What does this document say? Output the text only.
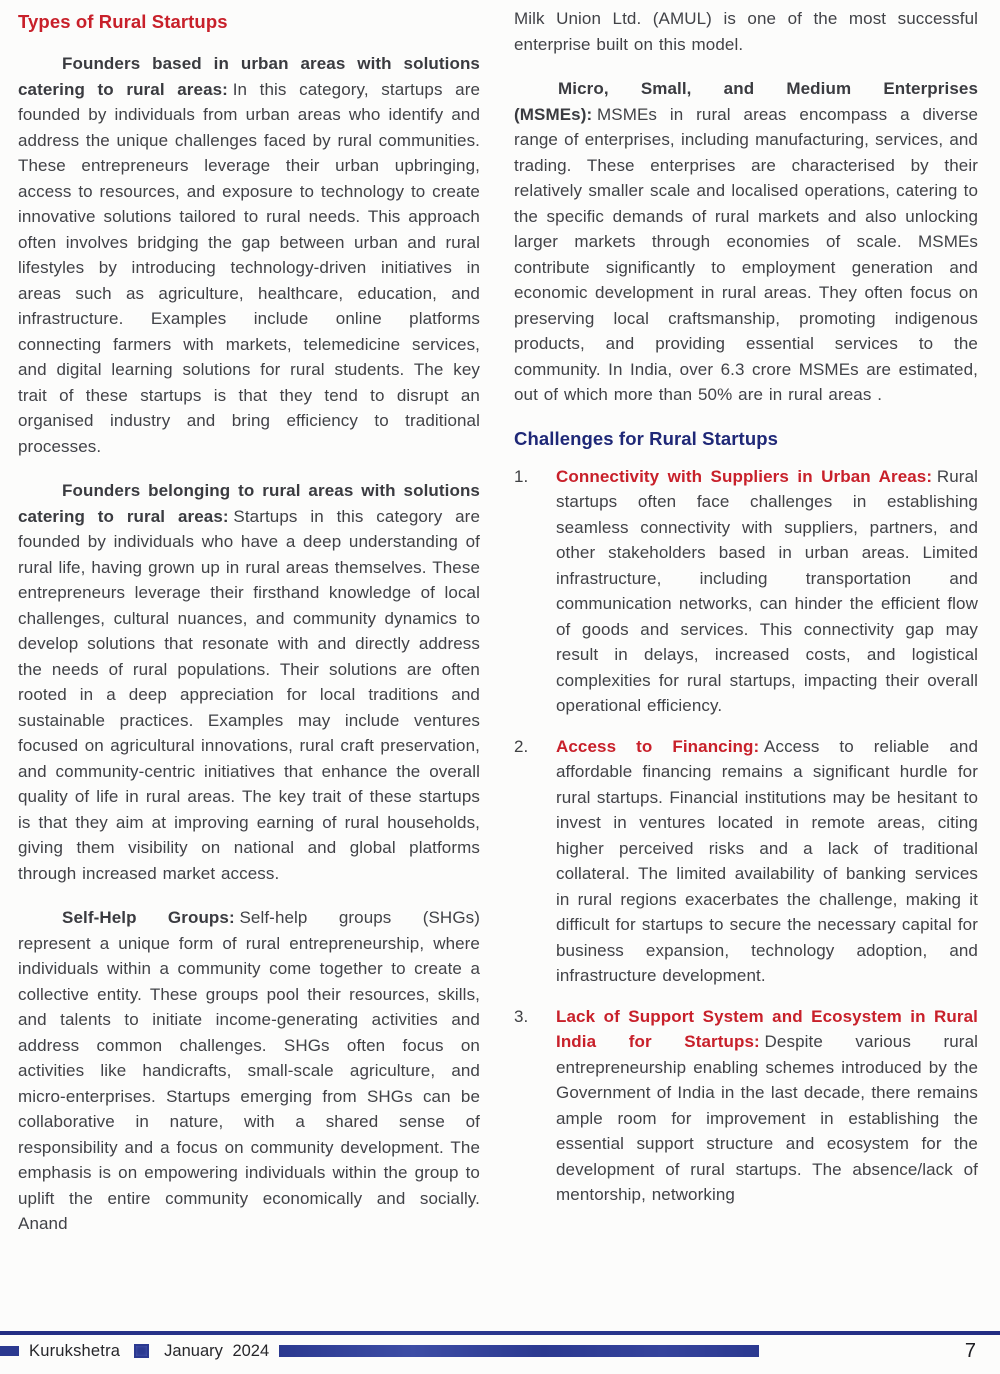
Types of Rural Startups

Founders based in urban areas with solutions catering to rural areas: In this category, startups are founded by individuals from urban areas who identify and address the unique challenges faced by rural communities. These entrepreneurs leverage their urban upbringing, access to resources, and exposure to technology to create innovative solutions tailored to rural needs. This approach often involves bridging the gap between urban and rural lifestyles by introducing technology-driven initiatives in areas such as agriculture, healthcare, education, and infrastructure. Examples include online platforms connecting farmers with markets, telemedicine services, and digital learning solutions for rural students. The key trait of these startups is that they tend to disrupt an organised industry and bring efficiency to traditional processes.

Founders belonging to rural areas with solutions catering to rural areas: Startups in this category are founded by individuals who have a deep understanding of rural life, having grown up in rural areas themselves. These entrepreneurs leverage their firsthand knowledge of local challenges, cultural nuances, and community dynamics to develop solutions that resonate with and directly address the needs of rural populations. Their solutions are often rooted in a deep appreciation for local traditions and sustainable practices. Examples may include ventures focused on agricultural innovations, rural craft preservation, and community-centric initiatives that enhance the overall quality of life in rural areas. The key trait of these startups is that they aim at improving earning of rural households, giving them visibility on national and global platforms through increased market access.

Self-Help Groups: Self-help groups (SHGs) represent a unique form of rural entrepreneurship, where individuals within a community come together to create a collective entity. These groups pool their resources, skills, and talents to initiate income-generating activities and address common challenges. SHGs often focus on activities like handicrafts, small-scale agriculture, and micro-enterprises. Startups emerging from SHGs can be collaborative in nature, with a shared sense of responsibility and a focus on community development. The emphasis is on empowering individuals within the group to uplift the entire community economically and socially. Anand

Milk Union Ltd. (AMUL) is one of the most successful enterprise built on this model.

Micro, Small, and Medium Enterprises (MSMEs): MSMEs in rural areas encompass a diverse range of enterprises, including manufacturing, services, and trading. These enterprises are characterised by their relatively smaller scale and localised operations, catering to the specific demands of rural markets and also unlocking larger markets through economies of scale. MSMEs contribute significantly to employment generation and economic development in rural areas. They often focus on preserving local craftsmanship, promoting indigenous products, and providing essential services to the community. In India, over 6.3 crore MSMEs are estimated, out of which more than 50% are in rural areas .

Challenges for Rural Startups
1.	Connectivity with Suppliers in Urban Areas: Rural startups often face challenges in establishing seamless connectivity with suppliers, partners, and other stakeholders based in urban areas. Limited infrastructure, including transportation and communication networks, can hinder the efficient flow of goods and services. This connectivity gap may result in delays, increased costs, and logistical complexities for rural startups, impacting their overall operational efficiency.
2.	Access to Financing: Access to reliable and affordable financing remains a significant hurdle for rural startups. Financial institutions may be hesitant to invest in ventures located in remote areas, citing higher perceived risks and a lack of traditional collateral. The limited availability of banking services in rural regions exacerbates the challenge, making it difficult for startups to secure the necessary capital for business expansion, technology adoption, and infrastructure development.
3.	Lack of Support System and Ecosystem in Rural India for Startups: Despite various rural entrepreneurship enabling schemes introduced by the Government of India in the last decade, there remains ample room for improvement in establishing the essential support structure and ecosystem for the development of rural startups. The absence/lack of mentorship, networking
Kurukshetra	January 2024	7
